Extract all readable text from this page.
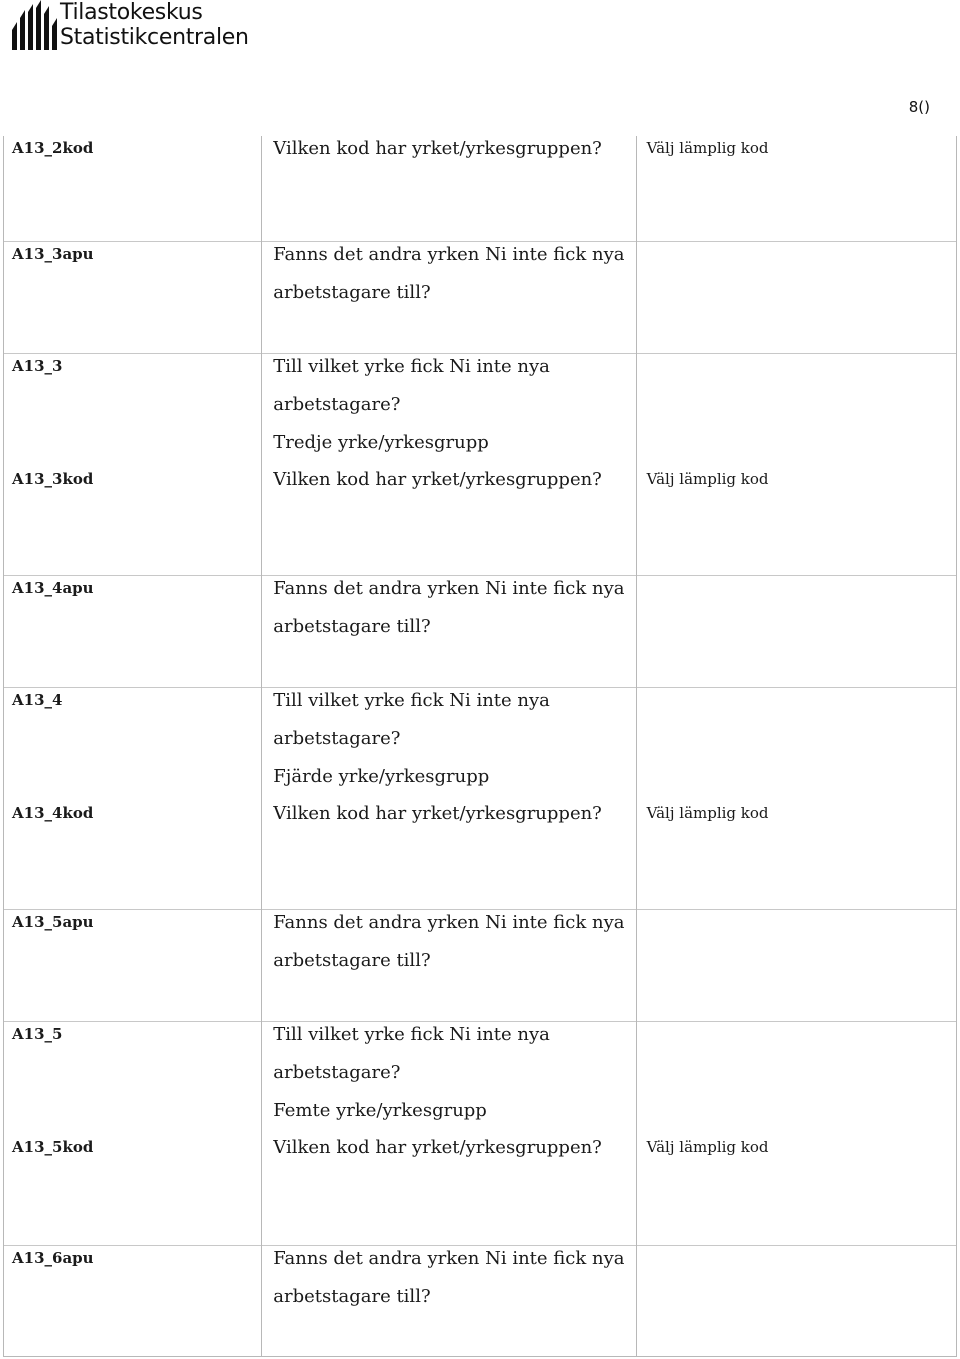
Tilastokeskus
Statistikcentralen
8()
A13_2kod	Vilken kod har yrket/yrkesgruppen?	Välj lämplig kod

A13_3apu	Fanns det andra yrken Ni inte fick nya
arbetstagare till?	

A13_3	Till vilket yrke fick Ni inte nya
arbetstagare?
Tredje yrke/yrkesgrupp	

A13_3kod	Vilken kod har yrket/yrkesgruppen?	Välj lämplig kod

A13_4apu	Fanns det andra yrken Ni inte fick nya
arbetstagare till?	

A13_4	Till vilket yrke fick Ni inte nya
arbetstagare?
Fjärde yrke/yrkesgrupp	

A13_4kod	Vilken kod har yrket/yrkesgruppen?	Välj lämplig kod

A13_5apu	Fanns det andra yrken Ni inte fick nya
arbetstagare till?	

A13_5	Till vilket yrke fick Ni inte nya
arbetstagare?
Femte yrke/yrkesgrupp	

A13_5kod	Vilken kod har yrket/yrkesgruppen?	Välj lämplig kod

A13_6apu	Fanns det andra yrken Ni inte fick nya
arbetstagare till?	
